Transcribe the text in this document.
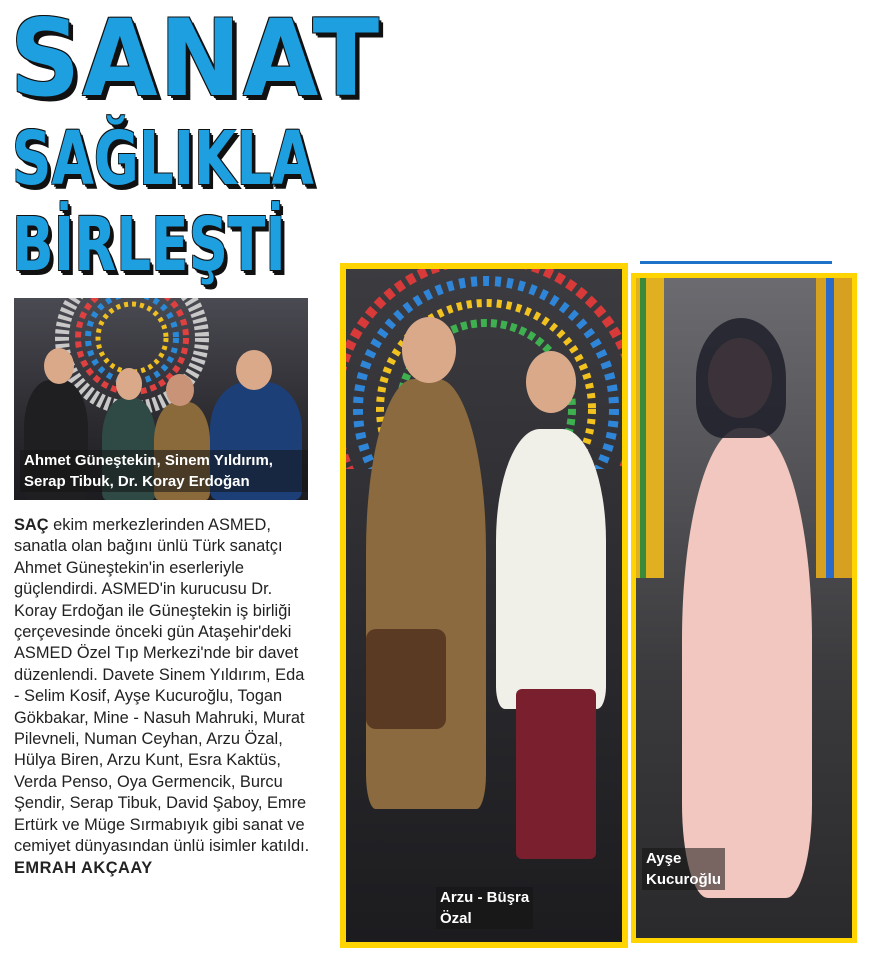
SANAT
SAĞLIKLA
BİRLEŞTİ
Ahmet Güneştekin, Sinem Yıldırım,
Serap Tibuk, Dr. Koray Erdoğan
Arzu - Büşra
Özal
Ayşe
Kucuroğlu

SAÇ ekim merkezlerinden ASMED, sanatla olan bağını ünlü Türk sanatçı Ahmet Güneştekin'in eserleriyle güçlendirdi. ASMED'in kurucusu Dr. Koray Erdoğan ile Güneştekin iş birliği çerçevesinde önceki gün Ataşehir'deki ASMED Özel Tıp Merkezi'nde bir davet düzenlendi. Davete Sinem Yıldırım, Eda - Selim Kosif, Ayşe Kucuroğlu, Togan Gökbakar, Mine - Nasuh Mahruki, Murat Pilevneli, Numan Ceyhan, Arzu Özal, Hülya Biren, Arzu Kunt, Esra Kaktüs, Verda Penso, Oya Germencik, Burcu Şendir, Serap Tibuk, David Şaboy, Emre Ertürk ve Müge Sırmabıyık gibi sanat ve cemiyet dünyasından ünlü isimler katıldı. EMRAH AKÇAAY
